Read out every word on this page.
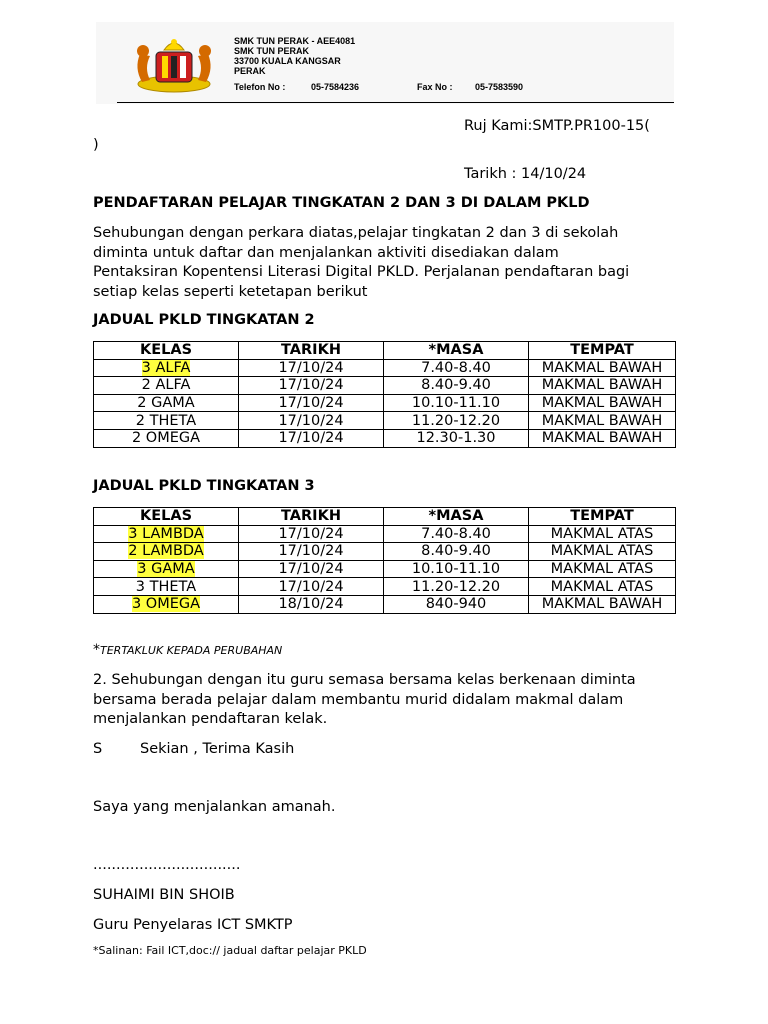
SMK TUN PERAK - AEE4081
SMK TUN PERAK
33700 KUALA KANGSAR
PERAK
Telefon No :	05-7584236	Fax No : 05-7583590
Ruj Kami:SMTP.PR100-15(
)
Tarikh : 14/10/24
PENDAFTARAN PELAJAR TINGKATAN 2 DAN 3 DI DALAM PKLD
Sehubungan dengan perkara diatas,pelajar tingkatan 2 dan 3 di sekolah
diminta untuk daftar dan menjalankan aktiviti disediakan dalam
Pentaksiran Kopentensi Literasi Digital PKLD. Perjalanan pendaftaran bagi
setiap kelas seperti ketetapan berikut
JADUAL PKLD TINGKATAN 2
KELAS	TARIKH	*MASA	TEMPAT
3 ALFA	17/10/24	7.40-8.40	MAKMAL BAWAH
2 ALFA	17/10/24	8.40-9.40	MAKMAL BAWAH
2 GAMA	17/10/24	10.10-11.10	MAKMAL BAWAH
2 THETA	17/10/24	11.20-12.20	MAKMAL BAWAH
2 OMEGA	17/10/24	12.30-1.30	MAKMAL BAWAH
JADUAL PKLD TINGKATAN 3
KELAS	TARIKH	*MASA	TEMPAT
3 LAMBDA	17/10/24	7.40-8.40	MAKMAL ATAS
2 LAMBDA	17/10/24	8.40-9.40	MAKMAL ATAS
3 GAMA	17/10/24	10.10-11.10	MAKMAL ATAS
3 THETA	17/10/24	11.20-12.20	MAKMAL ATAS
3 OMEGA	18/10/24	840-940	MAKMAL BAWAH
*TERTAKLUK KEPADA PERUBAHAN
2. Sehubungan dengan itu guru semasa bersama kelas berkenaan diminta
bersama berada pelajar dalam membantu murid didalam makmal dalam
menjalankan pendaftaran kelak.
S	Sekian , Terima Kasih
Saya yang menjalankan amanah.
................................
SUHAIMI BIN SHOIB
Guru Penyelaras ICT SMKTP
*Salinan: Fail ICT,doc:// jadual daftar pelajar PKLD
